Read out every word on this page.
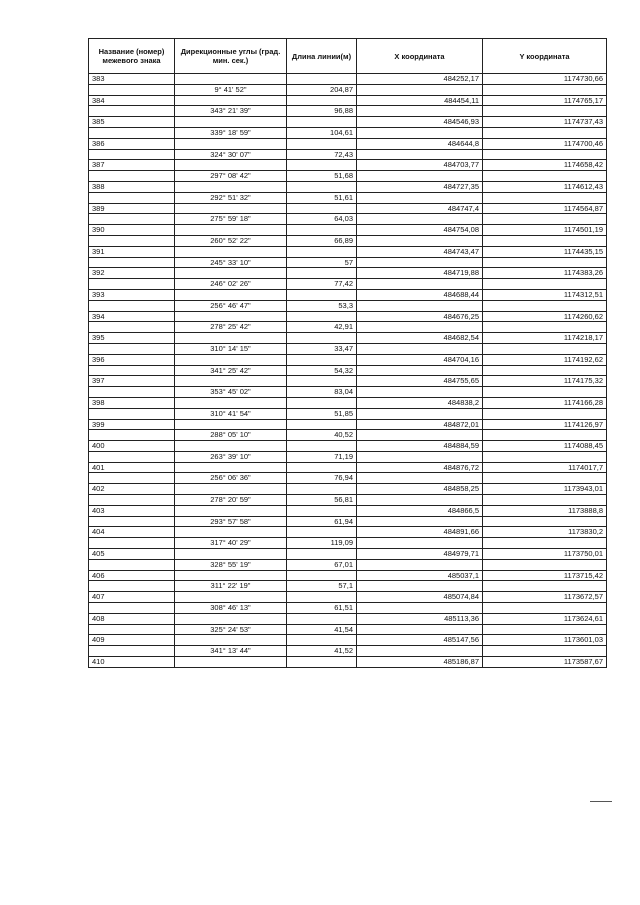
Название (номер) межевого знака	Дирекционные углы (град. мин. сек.)	Длина линии(м)	X координата	Y координата
383			484252,17	1174730,66
	9° 41' 52"	204,87		
384			484454,11	1174765,17
	343° 21' 39"	96,88		
385			484546,93	1174737,43
	339° 18' 59"	104,61		
386			484644,8	1174700,46
	324° 30' 07"	72,43		
387			484703,77	1174658,42
	297° 08' 42"	51,68		
388			484727,35	1174612,43
	292° 51' 32"	51,61		
389			484747,4	1174564,87
	275° 59' 18"	64,03		
390			484754,08	1174501,19
	260° 52' 22"	66,89		
391			484743,47	1174435,15
	245° 33' 10"	57		
392			484719,88	1174383,26
	246° 02' 26"	77,42		
393			484688,44	1174312,51
	256° 46' 47"	53,3		
394			484676,25	1174260,62
	278° 25' 42"	42,91		
395			484682,54	1174218,17
	310° 14' 15"	33,47		
396			484704,16	1174192,62
	341° 25' 42"	54,32		
397			484755,65	1174175,32
	353° 45' 02"	83,04		
398			484838,2	1174166,28
	310° 41' 54"	51,85		
399			484872,01	1174126,97
	288° 05' 10"	40,52		
400			484884,59	1174088,45
	263° 39' 10"	71,19		
401			484876,72	1174017,7
	256° 06' 36"	76,94		
402			484858,25	1173943,01
	278° 20' 59"	56,81		
403			484866,5	1173888,8
	293° 57' 58"	61,94		
404			484891,66	1173830,2
	317° 40' 29"	119,09		
405			484979,71	1173750,01
	328° 55' 19"	67,01		
406			485037,1	1173715,42
	311° 22' 19"	57,1		
407			485074,84	1173672,57
	308° 46' 13"	61,51		
408			485113,36	1173624,61
	325° 24' 53"	41,54		
409			485147,56	1173601,03
	341° 13' 44"	41,52		
410			485186,87	1173587,67
